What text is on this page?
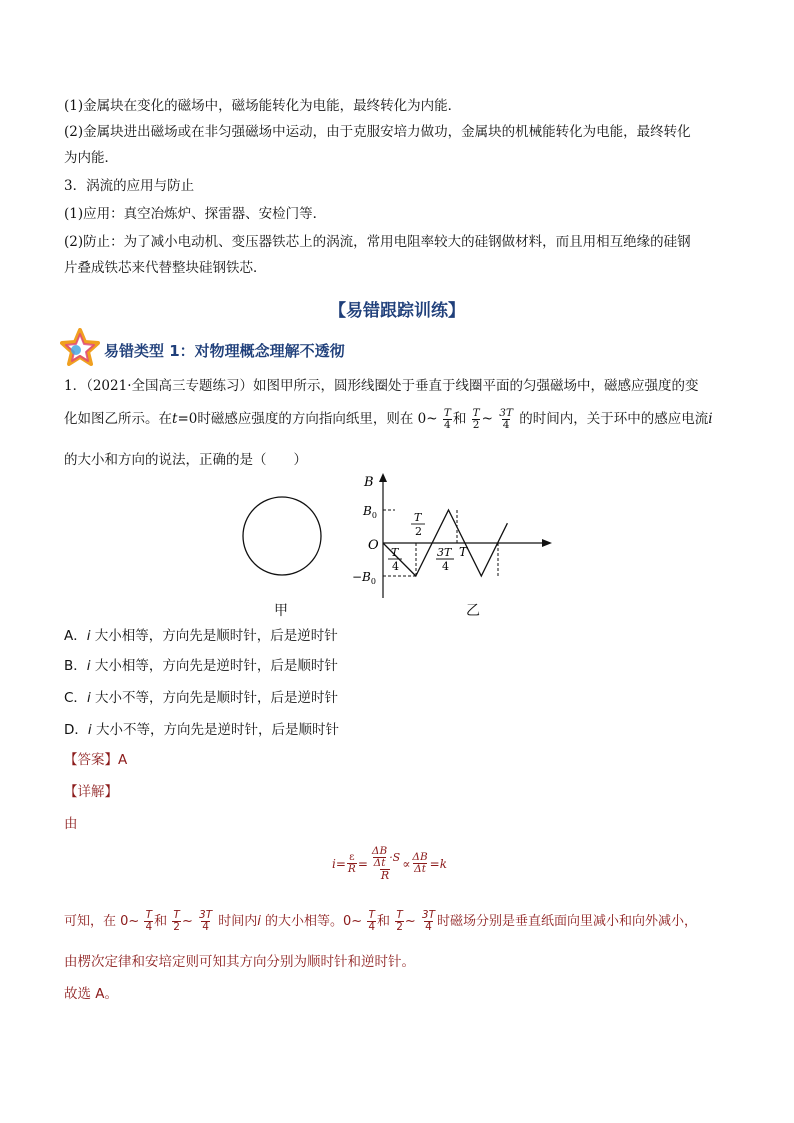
(1)金属块在变化的磁场中，磁场能转化为电能，最终转化为内能．
(2)金属块进出磁场或在非匀强磁场中运动，由于克服安培力做功，金属块的机械能转化为电能，最终转化
为内能．
3．涡流的应用与防止
(1)应用：真空冶炼炉、探雷器、安检门等．
(2)防止：为了减小电动机、变压器铁芯上的涡流，常用电阻率较大的硅钢做材料，而且用相互绝缘的硅钢
片叠成铁芯来代替整块硅钢铁芯．
【易错跟踪训练】
易错类型 1：对物理概念理解不透彻
1．（2021·全国高三专题练习）如图甲所示，圆形线圈处于垂直于线圈平面的匀强磁场中，磁感应强度的变
化如图乙所示。在t=0时磁感应强度的方向指向纸里，则在 0~ $\frac{T}{4}$ 和 $\frac{T}{2}$ ~ $\frac{3T}{4}$ 的时间内，关于环中的感应电流i
的大小和方向的说法，正确的是（　　）
甲
B
$B_0$
O
$-B_0$
T
2
T
4
3T
4
T
乙
A．i 大小相等，方向先是顺时针，后是逆时针
B．i 大小相等，方向先是逆时针，后是顺时针
C．i 大小不等，方向先是顺时针，后是逆时针
D．i 大小不等，方向先是逆时针，后是顺时针
【答案】A
【详解】
由
$i = \frac{\varepsilon}{R} = \frac{\frac{\Delta B}{\Delta t} \cdot S}{R} \propto \frac{\Delta B}{\Delta t} = k$
可知，在 0~ $\frac{T}{4}$ 和 $\frac{T}{2}$ ~ $\frac{3T}{4}$ 时间内i 的大小相等。0~ $\frac{T}{4}$ 和 $\frac{T}{2}$ ~ $\frac{3T}{4}$ 时磁场分别是垂直纸面向里减小和向外减小，
由楞次定律和安培定则可知其方向分别为顺时针和逆时针。
故选 A。
